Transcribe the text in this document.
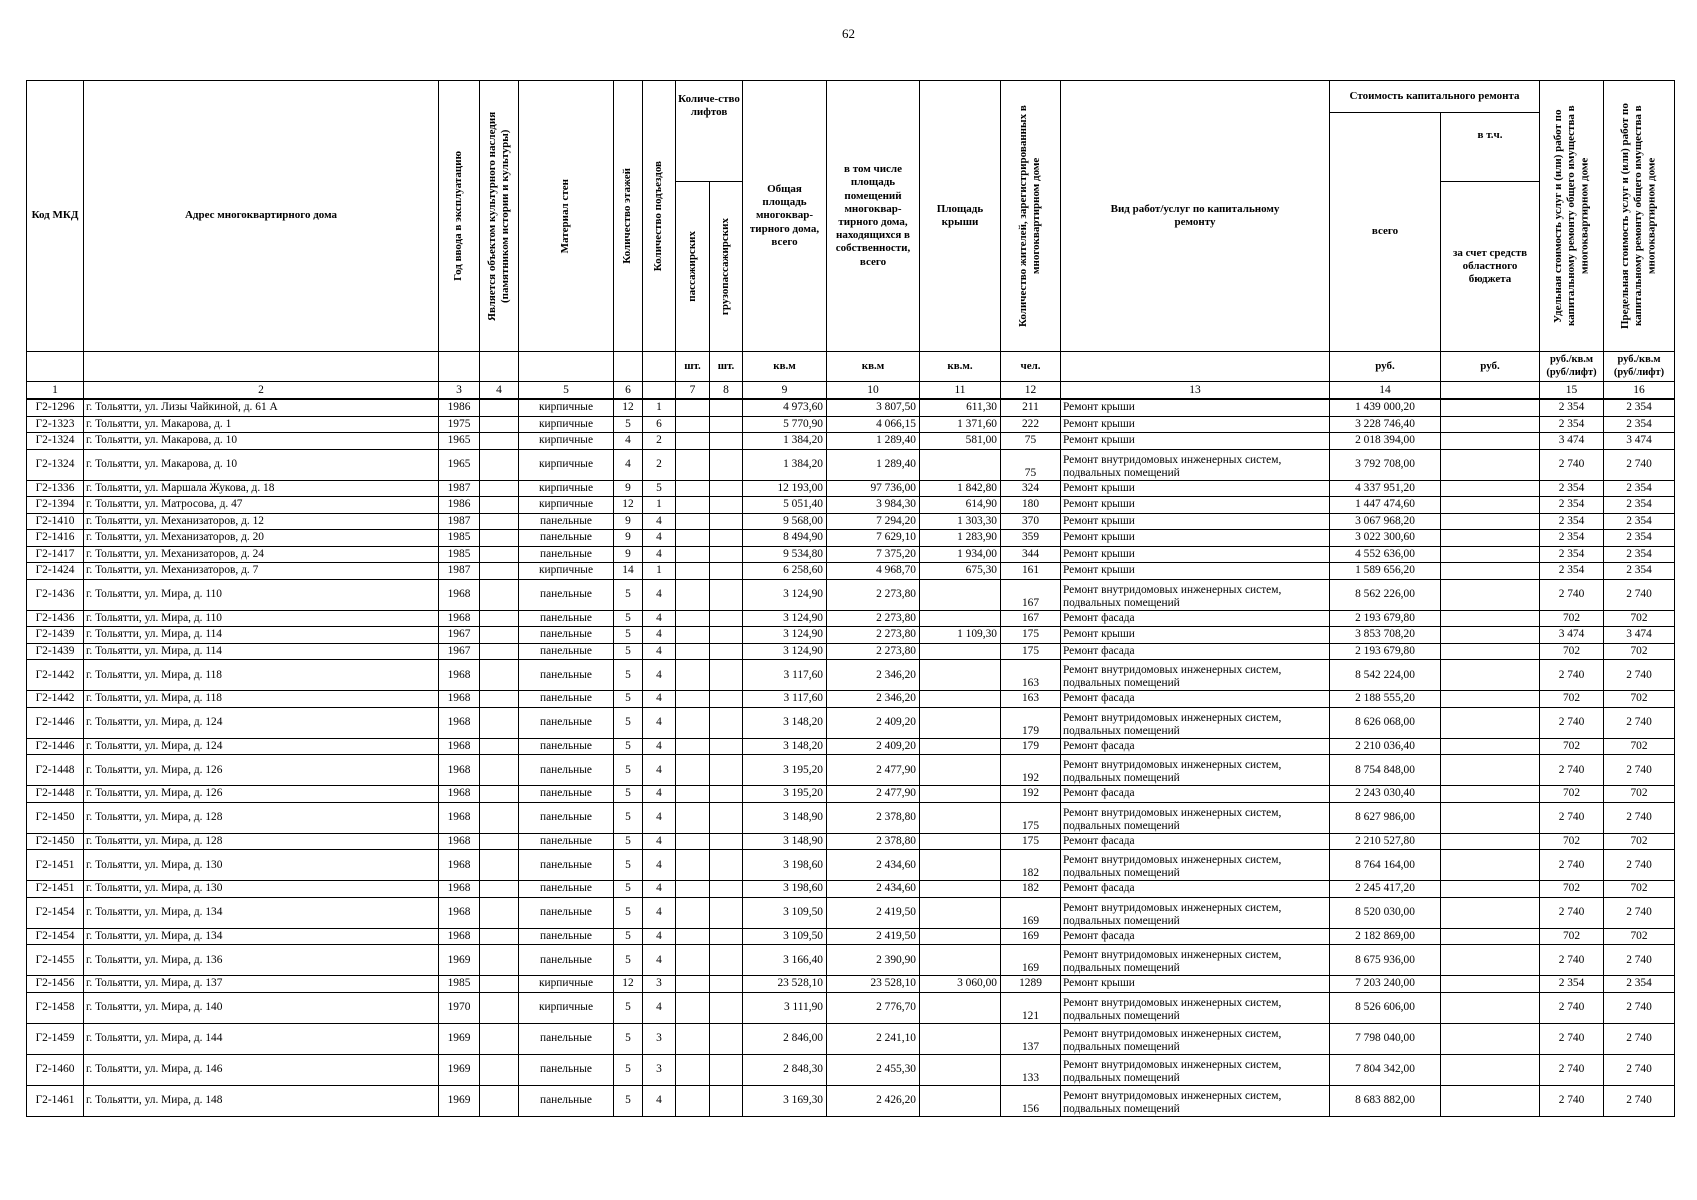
62
Код МКД	Адрес многоквартирного дома	Год ввода в эксплуатацию	Является объектом культурного наследия (памятником истории и культуры)	Материал стен	Количество этажей	Количество подъездов	Количе-ство лифтов		Общая площадь многоквар-тирного дома, всего	в том числе площадь помещений многоквар-тирного дома, находящихся в собственности, всего	Площадь крыши	Количество жителей, зарегистрированных в многоквартирном доме	Вид работ/услуг по капитальному ремонту	Стоимость капитального ремонта		Удельная стоимость услуг и (или) работ по капитальному ремонту общего имущества в многоквартирном доме	Предельная стоимость услуг и (или) работ по капитальному ремонту общего имущества в многоквартирном доме

														всего	в т.ч.		

							пассажирских	грузопассажирских							за счет средств областного бюджета		
							шт.	шт.	кв.м	кв.м	кв.м.	чел.		руб.	руб.	руб./кв.м (руб/лифт)	руб./кв.м (руб/лифт)
1	2	3	4	5	6		7	8	9	10	11	12	13	14		15	16
Г2-1296	г. Тольятти, ул. Лизы Чайкиной, д. 61 А	1986		кирпичные	12	1			4 973,60	3 807,50	611,30	211	Ремонт крыши	1 439 000,20		2 354	2 354
Г2-1323	г. Тольятти, ул. Макарова, д. 1	1975		кирпичные	5	6			5 770,90	4 066,15	1 371,60	222	Ремонт крыши	3 228 746,40		2 354	2 354
Г2-1324	г. Тольятти, ул. Макарова, д. 10	1965		кирпичные	4	2			1 384,20	1 289,40	581,00	75	Ремонт крыши	2 018 394,00		3 474	3 474
Г2-1324	г. Тольятти, ул. Макарова, д. 10	1965		кирпичные	4	2			1 384,20	1 289,40		75	Ремонт внутридомовых инженерных систем, подвальных помещений	3 792 708,00		2 740	2 740
Г2-1336	г. Тольятти, ул. Маршала Жукова, д. 18	1987		кирпичные	9	5			12 193,00	97 736,00	1 842,80	324	Ремонт крыши	4 337 951,20		2 354	2 354
Г2-1394	г. Тольятти, ул. Матросова, д. 47	1986		кирпичные	12	1			5 051,40	3 984,30	614,90	180	Ремонт крыши	1 447 474,60		2 354	2 354
Г2-1410	г. Тольятти, ул. Механизаторов, д. 12	1987		панельные	9	4			9 568,00	7 294,20	1 303,30	370	Ремонт крыши	3 067 968,20		2 354	2 354
Г2-1416	г. Тольятти, ул. Механизаторов, д. 20	1985		панельные	9	4			8 494,90	7 629,10	1 283,90	359	Ремонт крыши	3 022 300,60		2 354	2 354
Г2-1417	г. Тольятти, ул. Механизаторов, д. 24	1985		панельные	9	4			9 534,80	7 375,20	1 934,00	344	Ремонт крыши	4 552 636,00		2 354	2 354
Г2-1424	г. Тольятти, ул. Механизаторов, д. 7	1987		кирпичные	14	1			6 258,60	4 968,70	675,30	161	Ремонт крыши	1 589 656,20		2 354	2 354
Г2-1436	г. Тольятти, ул. Мира, д. 110	1968		панельные	5	4			3 124,90	2 273,80		167	Ремонт внутридомовых инженерных систем, подвальных помещений	8 562 226,00		2 740	2 740
Г2-1436	г. Тольятти, ул. Мира, д. 110	1968		панельные	5	4			3 124,90	2 273,80		167	Ремонт фасада	2 193 679,80		702	702
Г2-1439	г. Тольятти, ул. Мира, д. 114	1967		панельные	5	4			3 124,90	2 273,80	1 109,30	175	Ремонт крыши	3 853 708,20		3 474	3 474
Г2-1439	г. Тольятти, ул. Мира, д. 114	1967		панельные	5	4			3 124,90	2 273,80		175	Ремонт фасада	2 193 679,80		702	702
Г2-1442	г. Тольятти, ул. Мира, д. 118	1968		панельные	5	4			3 117,60	2 346,20		163	Ремонт внутридомовых инженерных систем, подвальных помещений	8 542 224,00		2 740	2 740
Г2-1442	г. Тольятти, ул. Мира, д. 118	1968		панельные	5	4			3 117,60	2 346,20		163	Ремонт фасада	2 188 555,20		702	702
Г2-1446	г. Тольятти, ул. Мира, д. 124	1968		панельные	5	4			3 148,20	2 409,20		179	Ремонт внутридомовых инженерных систем, подвальных помещений	8 626 068,00		2 740	2 740
Г2-1446	г. Тольятти, ул. Мира, д. 124	1968		панельные	5	4			3 148,20	2 409,20		179	Ремонт фасада	2 210 036,40		702	702
Г2-1448	г. Тольятти, ул. Мира, д. 126	1968		панельные	5	4			3 195,20	2 477,90		192	Ремонт внутридомовых инженерных систем, подвальных помещений	8 754 848,00		2 740	2 740
Г2-1448	г. Тольятти, ул. Мира, д. 126	1968		панельные	5	4			3 195,20	2 477,90		192	Ремонт фасада	2 243 030,40		702	702
Г2-1450	г. Тольятти, ул. Мира, д. 128	1968		панельные	5	4			3 148,90	2 378,80		175	Ремонт внутридомовых инженерных систем, подвальных помещений	8 627 986,00		2 740	2 740
Г2-1450	г. Тольятти, ул. Мира, д. 128	1968		панельные	5	4			3 148,90	2 378,80		175	Ремонт фасада	2 210 527,80		702	702
Г2-1451	г. Тольятти, ул. Мира, д. 130	1968		панельные	5	4			3 198,60	2 434,60		182	Ремонт внутридомовых инженерных систем, подвальных помещений	8 764 164,00		2 740	2 740
Г2-1451	г. Тольятти, ул. Мира, д. 130	1968		панельные	5	4			3 198,60	2 434,60		182	Ремонт фасада	2 245 417,20		702	702
Г2-1454	г. Тольятти, ул. Мира, д. 134	1968		панельные	5	4			3 109,50	2 419,50		169	Ремонт внутридомовых инженерных систем, подвальных помещений	8 520 030,00		2 740	2 740
Г2-1454	г. Тольятти, ул. Мира, д. 134	1968		панельные	5	4			3 109,50	2 419,50		169	Ремонт фасада	2 182 869,00		702	702
Г2-1455	г. Тольятти, ул. Мира, д. 136	1969		панельные	5	4			3 166,40	2 390,90		169	Ремонт внутридомовых инженерных систем, подвальных помещений	8 675 936,00		2 740	2 740
Г2-1456	г. Тольятти, ул. Мира, д. 137	1985		кирпичные	12	3			23 528,10	23 528,10	3 060,00	1289	Ремонт крыши	7 203 240,00		2 354	2 354
Г2-1458	г. Тольятти, ул. Мира, д. 140	1970		кирпичные	5	4			3 111,90	2 776,70		121	Ремонт внутридомовых инженерных систем, подвальных помещений	8 526 606,00		2 740	2 740
Г2-1459	г. Тольятти, ул. Мира, д. 144	1969		панельные	5	3			2 846,00	2 241,10		137	Ремонт внутридомовых инженерных систем, подвальных помещений	7 798 040,00		2 740	2 740
Г2-1460	г. Тольятти, ул. Мира, д. 146	1969		панельные	5	3			2 848,30	2 455,30		133	Ремонт внутридомовых инженерных систем, подвальных помещений	7 804 342,00		2 740	2 740
Г2-1461	г. Тольятти, ул. Мира, д. 148	1969		панельные	5	4			3 169,30	2 426,20		156	Ремонт внутридомовых инженерных систем, подвальных помещений	8 683 882,00		2 740	2 740
